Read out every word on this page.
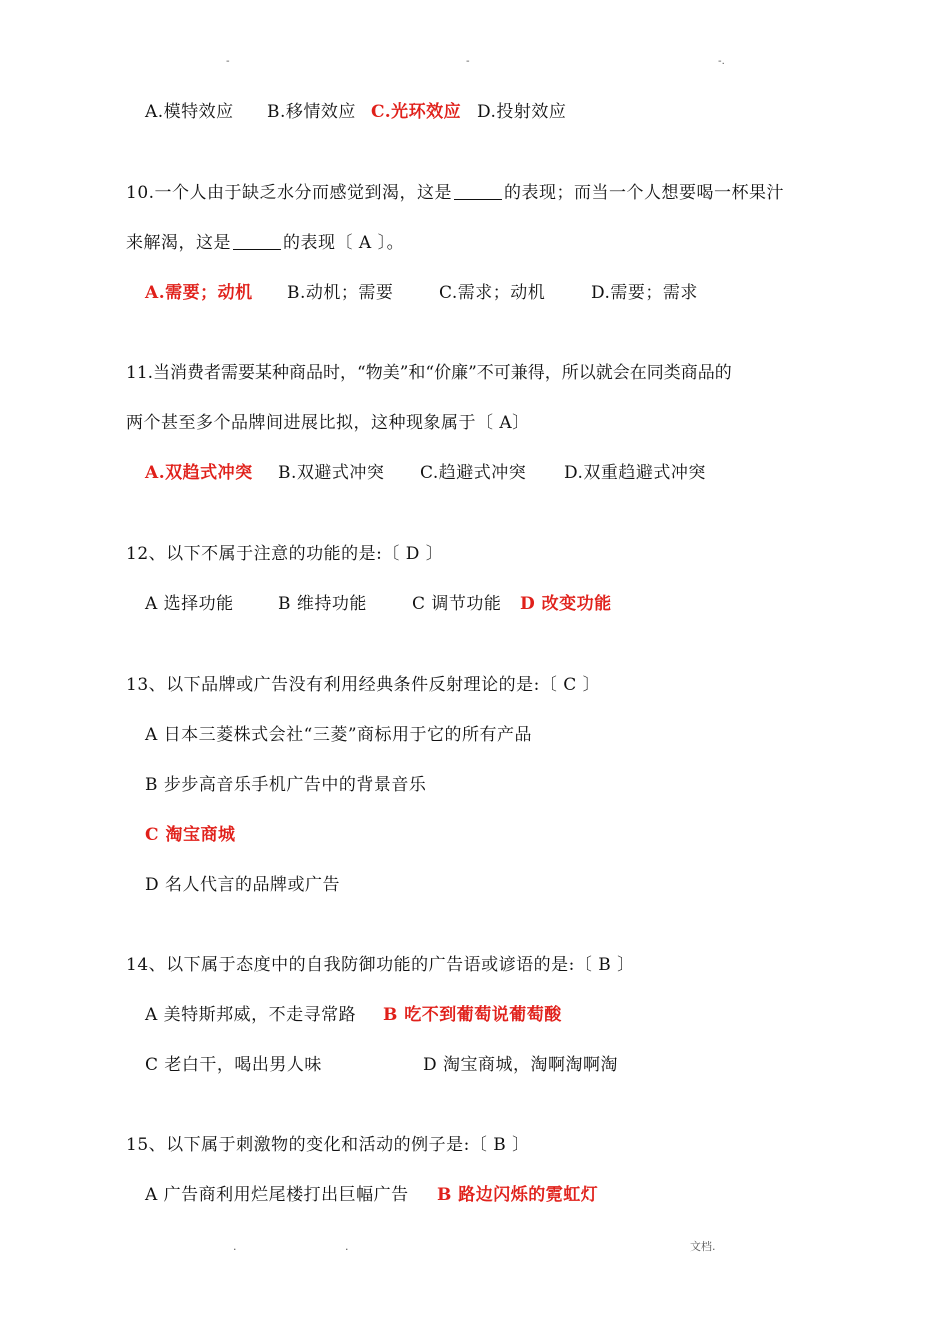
-	-	-.
A.模特效应 B.移情效应 C.光环效应 D.投射效应
10.一个人由于缺乏水分而感觉到渴，这是	的表现；而当一个人想要喝一杯果汁
来解渴，这是	的表现〔 A 〕。
A.需要；动机 B.动机；需要	C.需求；动机	D.需要；需求
11.当消费者需要某种商品时，“物美”和“价廉”不可兼得，所以就会在同类商品的
两个甚至多个品牌间进展比拟，这种现象属于〔 A〕
A.双趋式冲突 B.双避式冲突 C.趋避式冲突 D.双重趋避式冲突
12、以下不属于注意的功能的是:〔 D 〕
A 选择功能	B 维持功能	C 调节功能 D 改变功能
13、以下品牌或广告没有利用经典条件反射理论的是:〔 C 〕
A 日本三菱株式会社“三菱”商标用于它的所有产品
B 步步高音乐手机广告中的背景音乐
C 淘宝商城
D 名人代言的品牌或广告
14、以下属于态度中的自我防御功能的广告语或谚语的是:〔 B 〕
A 美特斯邦威，不走寻常路 B 吃不到葡萄说葡萄酸
C 老白干，喝出男人味	D 淘宝商城，淘啊淘啊淘
15、以下属于刺激物的变化和活动的例子是:〔 B 〕
A 广告商利用烂尾楼打出巨幅广告 B 路边闪烁的霓虹灯
.	.	文档.
